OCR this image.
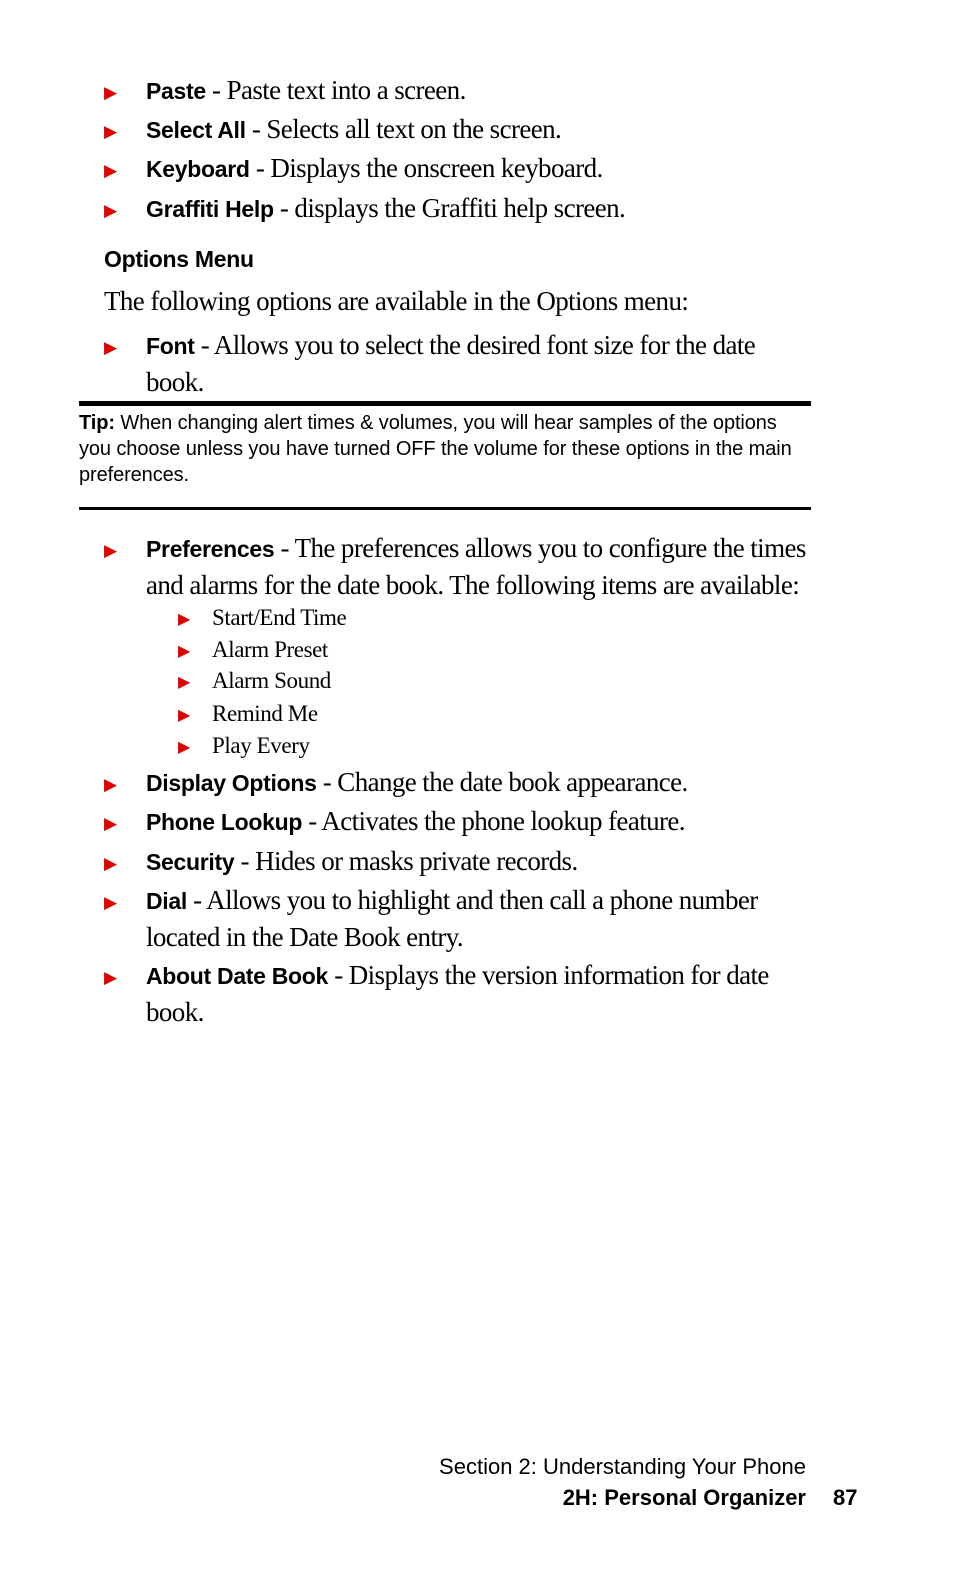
▶	Paste - Paste text into a screen.
▶	Select All - Selects all text on the screen.
▶	Keyboard - Displays the onscreen keyboard.
▶	Graffiti Help - displays the Graffiti help screen.
Options Menu
The following options are available in the Options menu:
▶	Font - Allows you to select the desired font size for the date book.
Tip: When changing alert times & volumes, you will hear samples of the options you choose unless you have turned OFF the volume for these options in the main preferences.
▶	Preferences - The preferences allows you to configure the times and alarms for the date book. The following items are available:
▶ Start/End Time
▶ Alarm Preset
▶ Alarm Sound
▶ Remind Me
▶ Play Every
▶	Display Options - Change the date book appearance.
▶	Phone Lookup - Activates the phone lookup feature.
▶	Security - Hides or masks private records.
▶	Dial - Allows you to highlight and then call a phone number located in the Date Book entry.
▶	About Date Book - Displays the version information for date book.
Section 2: Understanding Your Phone
2H: Personal Organizer 87
